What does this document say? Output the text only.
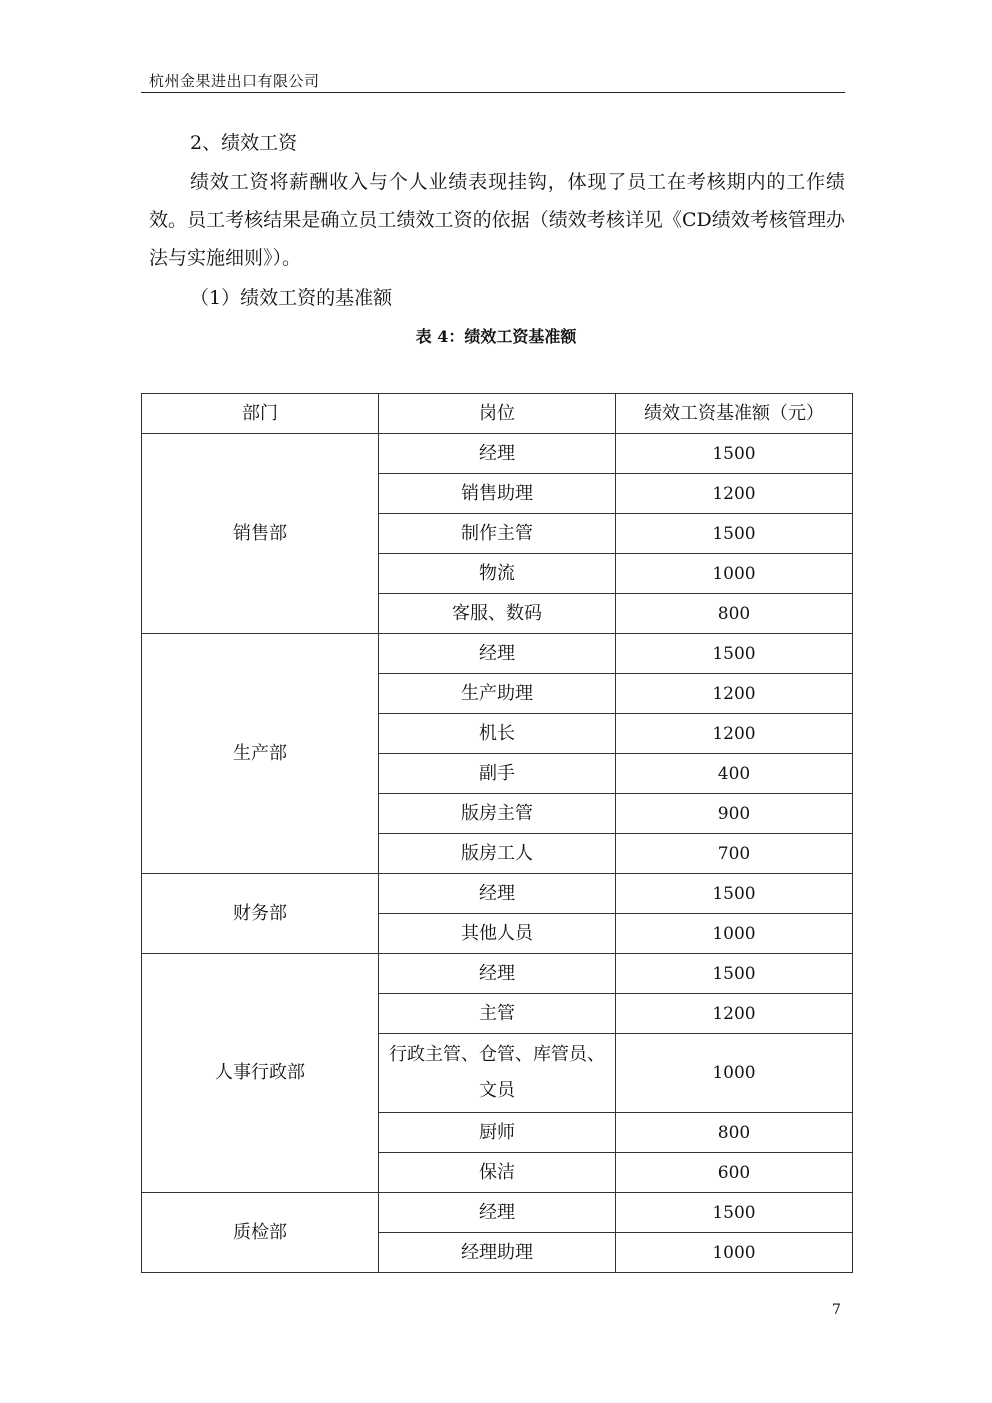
杭州金果进出口有限公司
2、绩效工资
绩效工资将薪酬收入与个人业绩表现挂钩，体现了员工在考核期内的工作绩效。员工考核结果是确立员工绩效工资的依据（绩效考核详见《CD绩效考核管理办法与实施细则》）。
（1）绩效工资的基准额
表 4：绩效工资基准额
部门	岗位	绩效工资基准额（元）
销售部	经理	1500
	销售助理	1200
	制作主管	1500
	物流	1000
	客服、数码	800
生产部	经理	1500
	生产助理	1200
	机长	1200
	副手	400
	版房主管	900
	版房工人	700
财务部	经理	1500
	其他人员	1000
人事行政部	经理	1500
	主管	1200
	行政主管、仓管、库管员、文员	1000
	厨师	800
	保洁	600
质检部	经理	1500
	经理助理	1000
7
